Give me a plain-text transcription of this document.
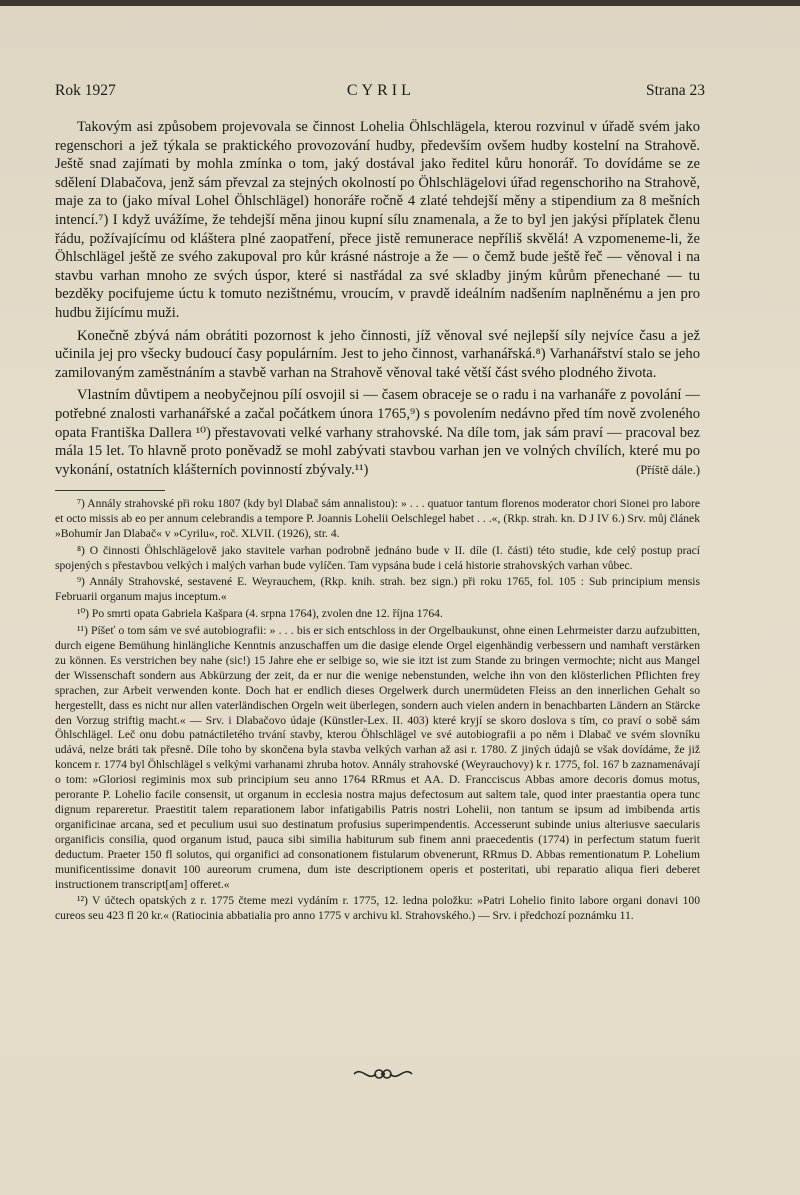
Rok 1927	CYRIL	Strana 23

Takovým asi způsobem projevovala se činnost Lohelia Öhlschlägela, kterou rozvinul v úřadě svém jako regenschori a jež týkala se praktického provozování hudby, především ovšem hudby kostelní na Strahově. Ještě snad zajímati by mohla zmínka o tom, jaký dostával jako ředitel kůru honorář. To dovídáme se ze sdělení Dlabačova, jenž sám převzal za stejných okolností po Öhlschlägelovi úřad regenschoriho na Strahově, maje za to (jako míval Lohel Öhlschlägel) honoráře ročně 4 zlaté tehdejší měny a stipendium za 8 mešních intencí.⁷) I když uvážíme, že tehdejší měna jinou kupní sílu znamenala, a že to byl jen jakýsi příplatek členu řádu, požívajícímu od kláštera plné zaopatření, přece jistě remunerace nepříliš skvělá! A vzpomeneme-li, že Öhlschlägel ještě ze svého zakupoval pro kůr krásné nástroje a že — o čemž bude ještě řeč — věnoval i na stavbu varhan mnoho ze svých úspor, které si nastřádal za své skladby jiným kůrům přenechané — tu bezděky pocifujeme úctu k tomuto nezištnému, vroucím, v pravdě ideálním nadšením naplněnému a jen pro hudbu žijícímu muži.

Konečně zbývá nám obrátiti pozornost k jeho činnosti, jíž věnoval své nejlepší síly nejvíce času a jež učinila jej pro všecky budoucí časy populárním. Jest to jeho činnost, varhanářská.⁸) Varhanářství stalo se jeho zamilovaným zaměstnáním a stavbě varhan na Strahově věnoval také větší část svého plodného života.

Vlastním důvtipem a neobyčejnou pílí osvojil si — časem obraceje se o radu i na varhanáře z povolání — potřebné znalosti varhanářské a začal počátkem února 1765,⁹) s povolením nedávno před tím nově zvoleného opata Františka Dallera ¹⁰) přestavovati velké varhany strahovské. Na díle tom, jak sám praví — pracoval bez mála 15 let. To hlavně proto poněvadž se mohl zabývati stavbou varhan jen ve volných chvílích, které mu po vykonání, ostatních klášterních povinností zbývaly.¹¹)	(Příště dále.)

⁷) Annály strahovské při roku 1807 (kdy byl Dlabač sám annalistou): » . . . quatuor tantum florenos moderator chori Sionei pro labore et octo missis ab eo per annum celebrandis a tempore P. Joannis Lohelii Oelschlegel habet . . .«, (Rkp. strah. kn. D J IV 6.) Srv. můj článek »Bohumír Jan Dlabač« v »Cyrilu«, roč. XLVII. (1926), str. 4.

⁸) O činnosti Öhlschlägelově jako stavitele varhan podrobně jednáno bude v II. díle (I. části) této studie, kde celý postup prací spojených s přestavbou velkých i malých varhan bude vylíčen. Tam vypsána bude i celá historie strahovských varhan vůbec.

⁹) Annály Strahovské, sestavené E. Weyrauchem, (Rkp. knih. strah. bez sign.) při roku 1765, fol. 105 : Sub principium mensis Februarii organum majus inceptum.«

¹⁰) Po smrti opata Gabriela Kašpara (4. srpna 1764), zvolen dne 12. října 1764.

¹¹) Píšeť o tom sám ve své autobiografii: » . . . bis er sich entschloss in der Orgelbaukunst, ohne einen Lehrmeister darzu aufzubitten, durch eigene Bemühung hinlängliche Kenntnis anzuschaffen um die dasige elende Orgel eigenhändig verbessern und namhaft verstärken zu können. Es verstrichen bey nahe (sic!) 15 Jahre ehe er selbige so, wie sie itzt ist zum Stande zu bringen vermochte; nicht aus Mangel der Wissenschaft sondern aus Abkürzung der zeit, da er nur die wenige nebenstunden, welche ihn von den klösterlichen Pflichten frey sprachen, zur Arbeit verwenden konte. Doch hat er endlich dieses Orgelwerk durch unermüdeten Fleiss an den innerlichen Gehalt so hergestellt, dass es nicht nur allen vaterländischen Orgeln weit überlegen, sondern auch vielen andern in benachbarten Ländern an Stärcke den Vorzug striftig macht.« — Srv. i Dlabačovo údaje (Künstler-Lex. II. 403) které kryjí se skoro doslova s tím, co praví o sobě sám Öhlschlägel. Leč onu dobu patnáctiletého trvání stavby, kterou Öhlschlägel ve své autobiografii a po něm i Dlabač ve svém slovníku udává, nelze bráti tak přesně. Díle toho by skončena byla stavba velkých varhan až asi r. 1780. Z jiných údajů se však dovídáme, že již koncem r. 1774 byl Öhlschlägel s velkými varhanami zhruba hotov. Annály strahovské (Weyrauchovy) k r. 1775, fol. 167 b zaznamenávají o tom: »Gloriosi regiminis mox sub principium seu anno 1764 RRmus et AA. D. Francciscus Abbas amore decoris domus motus, perorante P. Lohelio facile consensit, ut organum in ecclesia nostra majus defectosum aut saltem tale, quod inter praestantia opera tunc dignum repareretur. Praestitit talem reparationem labor infatigabilis Patris nostri Lohelii, non tantum se ipsum ad imbibenda artis organificinae arcana, sed et peculium usui suo destinatum profusius superimpendentis. Accesserunt subinde unius alteriusve saecularis organificis consilia, quod organum istud, pauca sibi similia habiturum sub finem anni praecedentis (1774) in perfectum statum fuerit deductum. Praeter 150 fl solutos, qui organifici ad consonationem fistularum obvenerunt, RRmus D. Abbas rementionatum P. Lohelium munificentissime donavit 100 aureorum crumena, dum iste descriptionem operis et posteritati, ubi reparatio aliqua fieri deberet instructionem transcript[am] offeret.«

¹²) V účtech opatských z r. 1775 čteme mezi vydáním r. 1775, 12. ledna položku: »Patri Lohelio finito labore organi donavi 100 cureos seu 423 fl 20 kr.« (Ratiocinia abbatialia pro anno 1775 v archivu kl. Strahovského.) — Srv. i předchozí poznámku 11.
